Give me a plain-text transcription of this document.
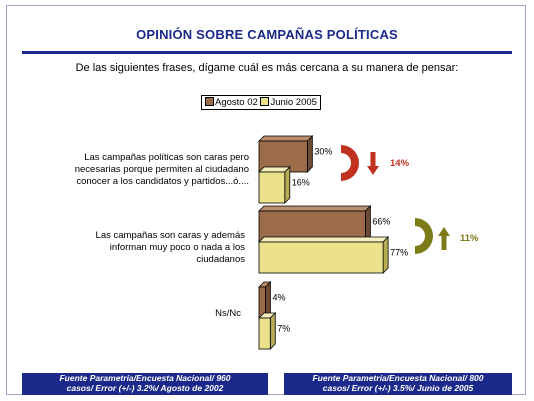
OPINIÓN SOBRE CAMPAÑAS POLÍTICAS
De las siguientes frases, dígame cuál es más cercana a su manera de pensar:
Agosto 02 Junio 2005
Las campañas políticas son caras pero
necesarias porque permiten al ciudadano
conocer a los candidatos y partidos...ó....
Las campañas son caras y además
informan muy poco o nada a los
ciudadanos
Ns/Nc
30%
16%
66%
77%
4%
7%
14%
11%
Fuente Parametría/Encuesta Nacional/ 960
casos/ Error (+/-) 3.2%/ Agosto de 2002
Fuente Parametría/Encuesta Nacional/ 800
casos/ Error (+/-) 3.5%/ Junio de 2005
